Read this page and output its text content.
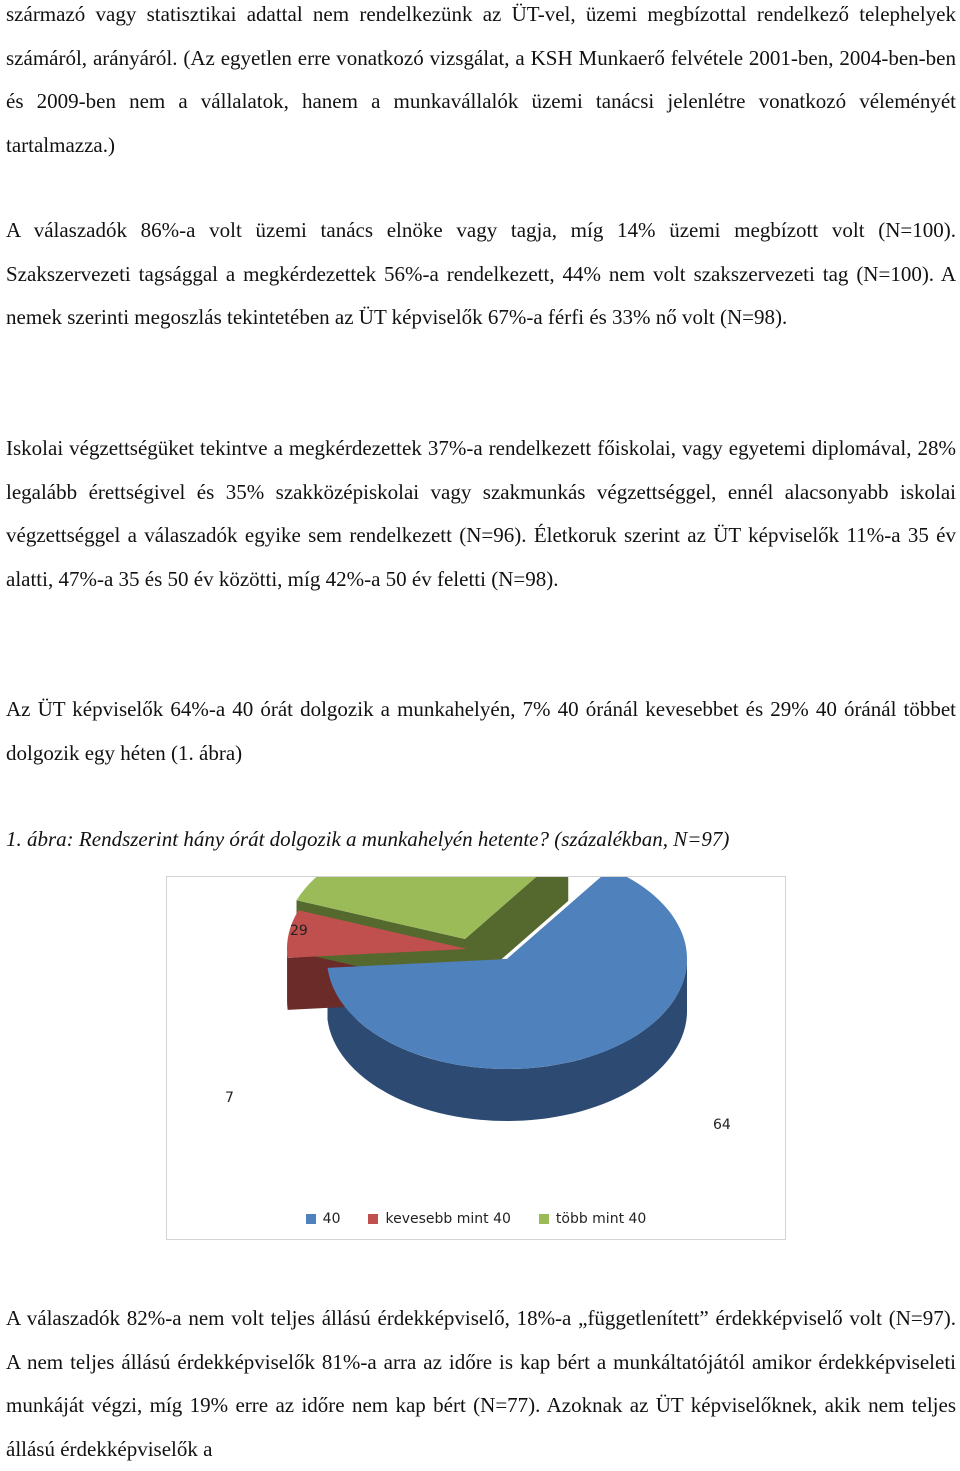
származó vagy statisztikai adattal nem rendelkezünk az ÜT-vel, üzemi megbízottal rendelkező telephelyek számáról, arányáról. (Az egyetlen erre vonatkozó vizsgálat, a KSH Munkaerő felvétele 2001-ben, 2004-ben-ben és 2009-ben nem a vállalatok, hanem a munkavállalók üzemi tanácsi jelenlétre vonatkozó véleményét tartalmazza.)

A válaszadók 86%-a volt üzemi tanács elnöke vagy tagja, míg 14% üzemi megbízott volt (N=100). Szakszervezeti tagsággal a megkérdezettek 56%-a rendelkezett, 44% nem volt szakszervezeti tag (N=100). A nemek szerinti megoszlás tekintetében az ÜT képviselők 67%-a férfi és 33% nő volt (N=98).

Iskolai végzettségüket tekintve a megkérdezettek 37%-a rendelkezett főiskolai, vagy egyetemi diplomával, 28% legalább érettségivel és 35% szakközépiskolai vagy szakmunkás végzettséggel, ennél alacsonyabb iskolai végzettséggel a válaszadók egyike sem rendelkezett (N=96). Életkoruk szerint az ÜT képviselők 11%-a 35 év alatti, 47%-a 35 és 50 év közötti, míg 42%-a 50 év feletti (N=98).

Az ÜT képviselők 64%-a 40 órát dolgozik a munkahelyén, 7% 40 óránál kevesebbet és 29% 40 óránál többet dolgozik egy héten (1. ábra)

1. ábra: Rendszerint hány órát dolgozik a munkahelyén hetente? (százalékban, N=97)

A válaszadók 82%-a nem volt teljes állású érdekképviselő, 18%-a „függetlenített” érdekképviselő volt (N=97). A nem teljes állású érdekképviselők 81%-a arra az időre is kap bért a munkáltatójától amikor érdekképviseleti munkáját végzi, míg 19% erre az időre nem kap bért (N=77). Azoknak az ÜT képviselőknek, akik nem teljes állású érdekképviselők a

64
7
29
40	kevesebb mint 40	több mint 40
